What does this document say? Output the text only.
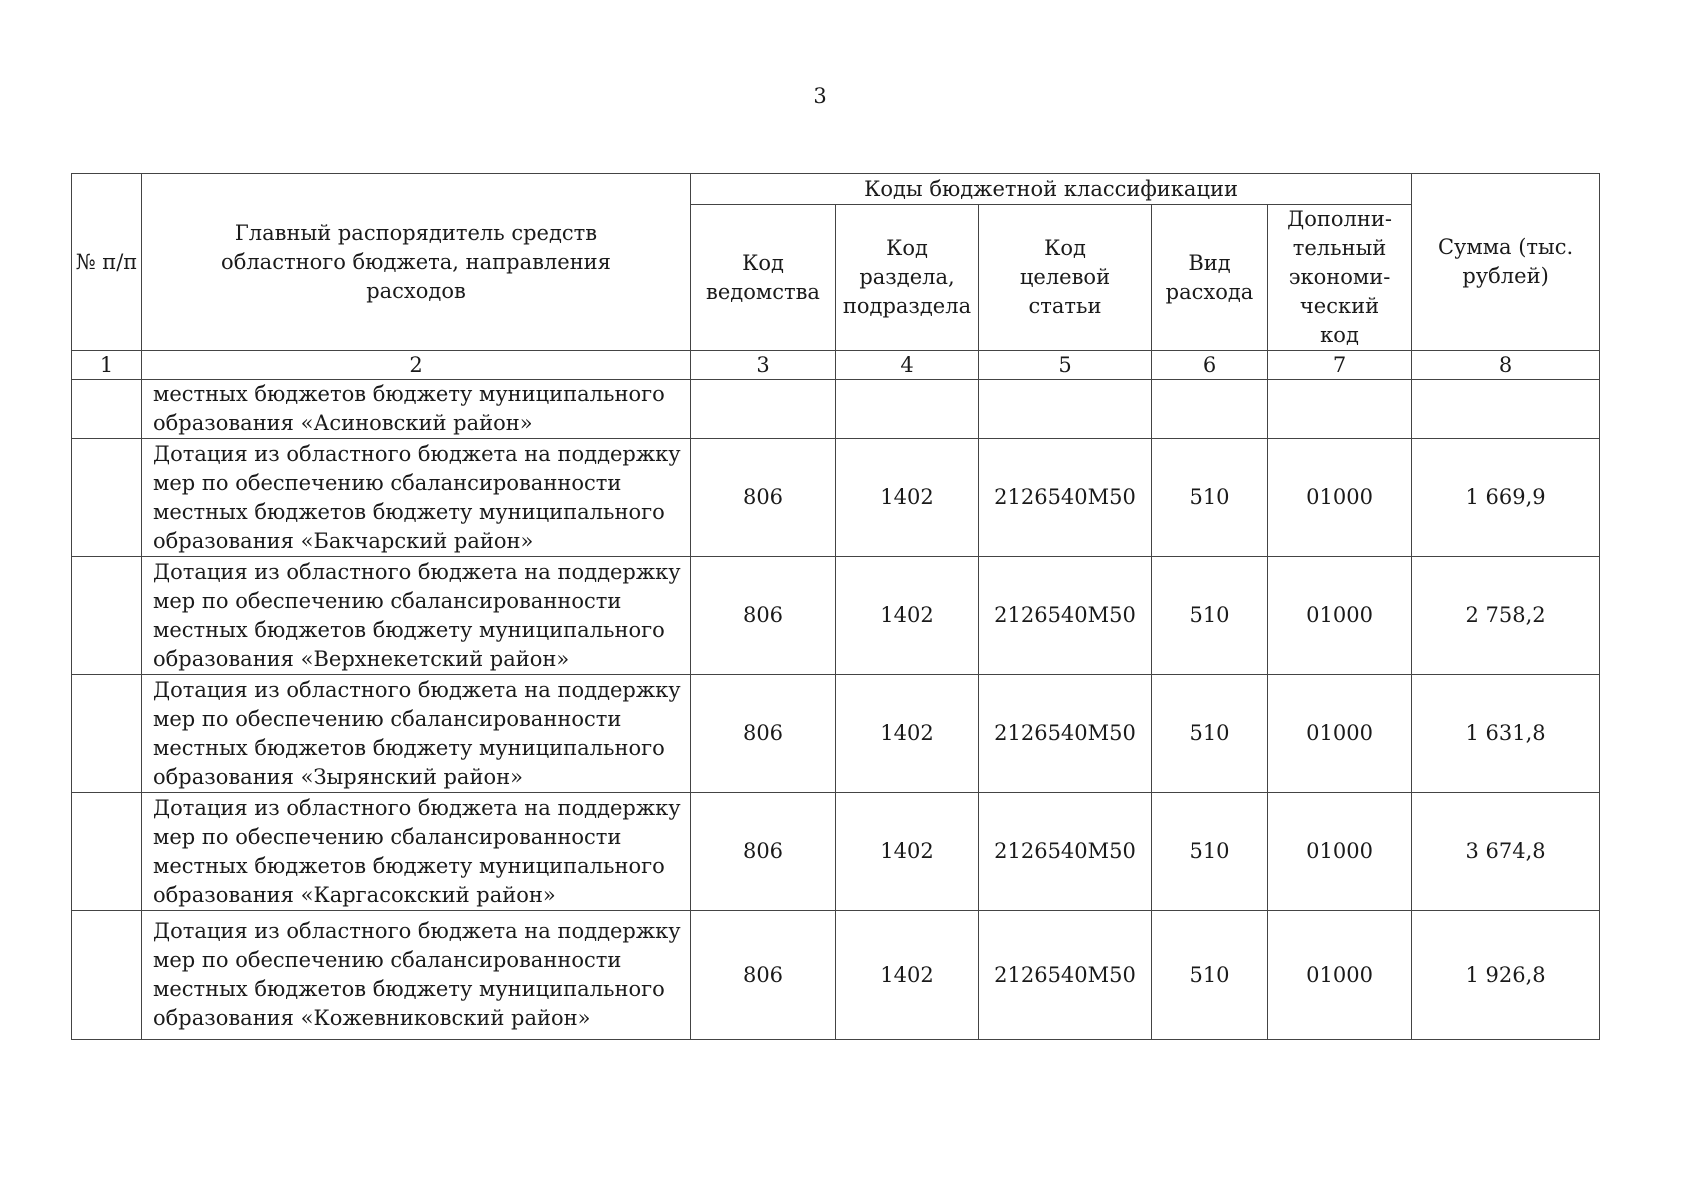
3
№ п/п	Главный распорядитель средств областного бюджета, направления расходов	Коды бюджетной классификации					Сумма (тыс. рублей)

		Код ведомства	Код раздела, подраздела	Код целевой статьи	Вид расхода	Дополни-тельный экономи-ческий код	

1	2	3	4	5	6	7	8
	местных бюджетов бюджету муниципального образования «Асиновский район»						
	Дотация из областного бюджета на поддержку мер по обеспечению сбалансированности местных бюджетов бюджету муниципального образования «Бакчарский район»	806	1402	2126540M50	510	01000	1 669,9
	Дотация из областного бюджета на поддержку мер по обеспечению сбалансированности местных бюджетов бюджету муниципального образования «Верхнекетский район»	806	1402	2126540M50	510	01000	2 758,2
	Дотация из областного бюджета на поддержку мер по обеспечению сбалансированности местных бюджетов бюджету муниципального образования «Зырянский район»	806	1402	2126540M50	510	01000	1 631,8
	Дотация из областного бюджета на поддержку мер по обеспечению сбалансированности местных бюджетов бюджету муниципального образования «Каргасокский район»	806	1402	2126540M50	510	01000	3 674,8
	Дотация из областного бюджета на поддержку мер по обеспечению сбалансированности местных бюджетов бюджету муниципального образования «Кожевниковский район»	806	1402	2126540M50	510	01000	1 926,8
